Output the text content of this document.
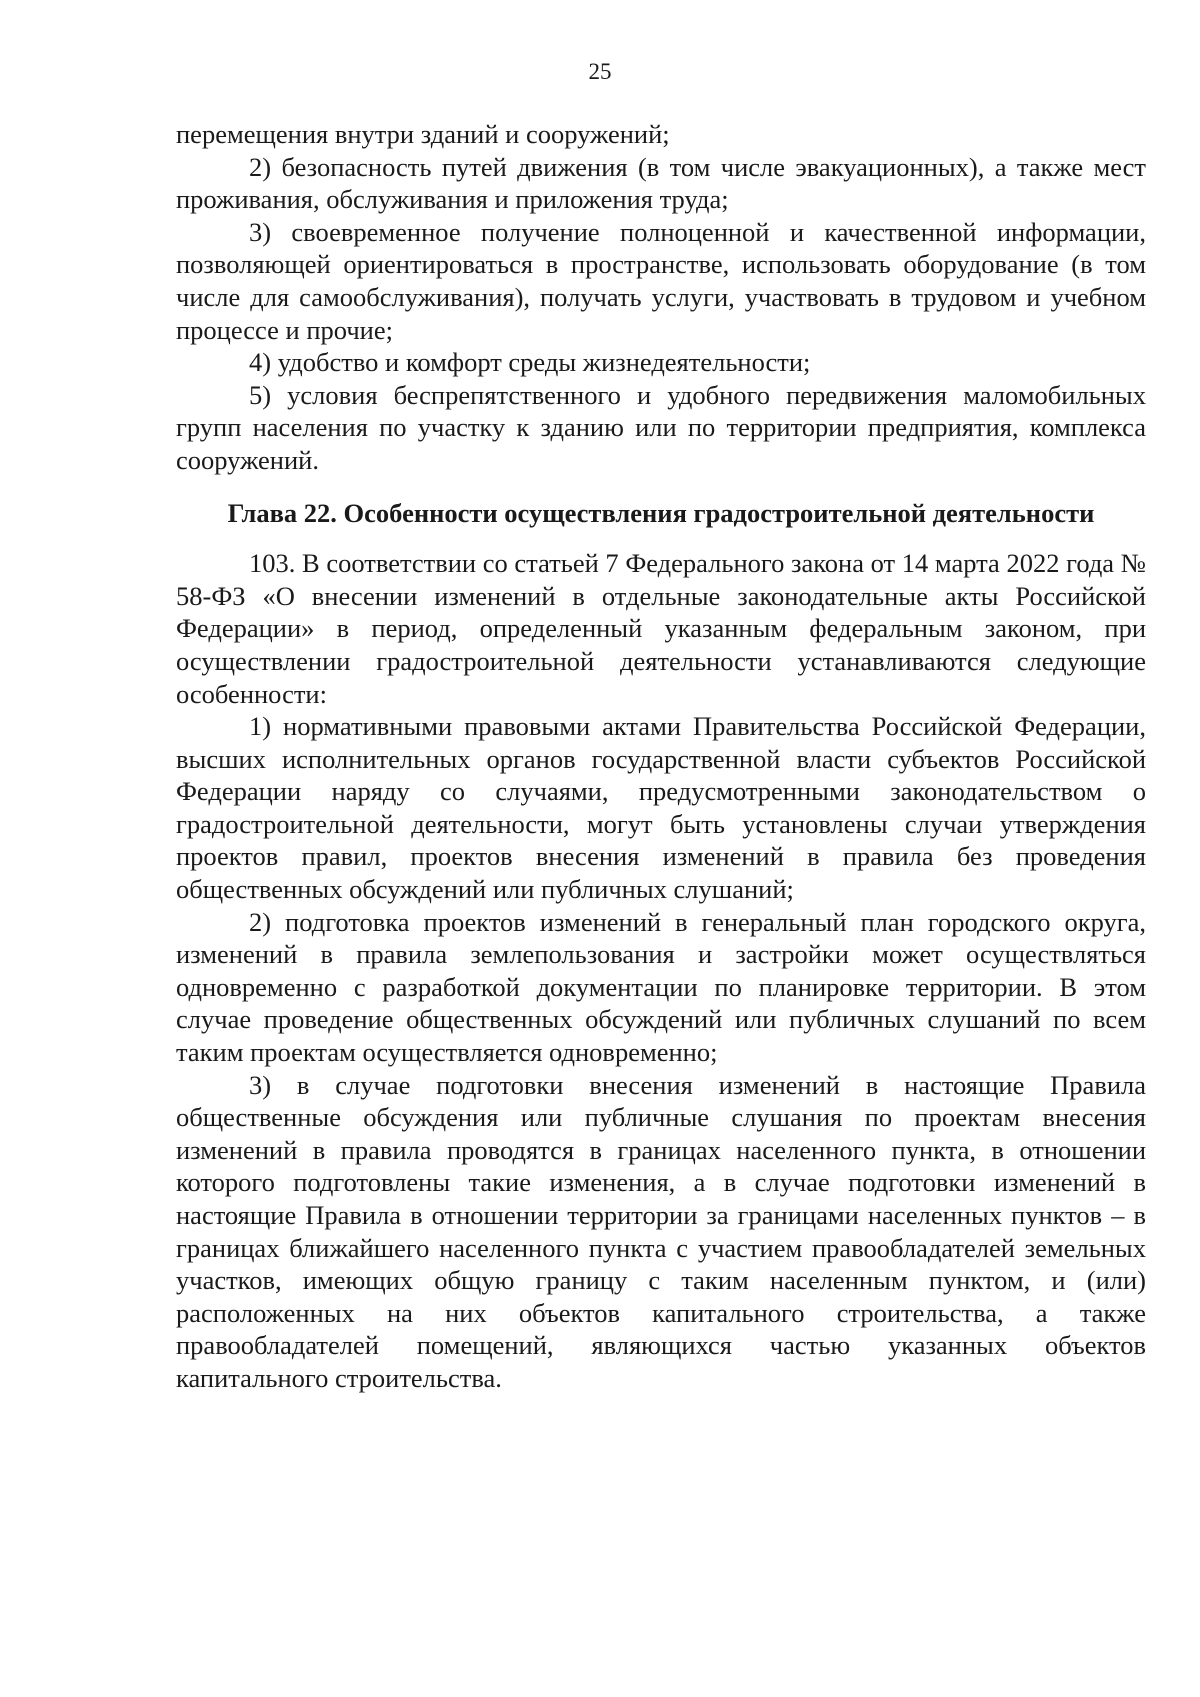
25

перемещения внутри зданий и сооружений;

2) безопасность путей движения (в том числе эвакуационных), а также мест проживания, обслуживания и приложения труда;

3) своевременное получение полноценной и качественной информации, позволяющей ориентироваться в пространстве, использовать оборудование (в том числе для самообслуживания), получать услуги, участвовать в трудовом и учебном процессе и прочие;

4) удобство и комфорт среды жизнедеятельности;

5) условия беспрепятственного и удобного передвижения маломобильных групп населения по участку к зданию или по территории предприятия, комплекса сооружений.

Глава 22. Особенности осуществления градостроительной деятельности

103. В соответствии со статьей 7 Федерального закона от 14 марта 2022 года № 58-ФЗ «О внесении изменений в отдельные законодательные акты Российской Федерации» в период, определенный указанным федеральным законом, при осуществлении градостроительной деятельности устанавливаются следующие особенности:

1) нормативными правовыми актами Правительства Российской Федерации, высших исполнительных органов государственной власти субъектов Российской Федерации наряду со случаями, предусмотренными законодательством о градостроительной деятельности, могут быть установлены случаи утверждения проектов правил, проектов внесения изменений в правила без проведения общественных обсуждений или публичных слушаний;

2) подготовка проектов изменений в генеральный план городского округа, изменений в правила землепользования и застройки может осуществляться одновременно с разработкой документации по планировке территории. В этом случае проведение общественных обсуждений или публичных слушаний по всем таким проектам осуществляется одновременно;

3) в случае подготовки внесения изменений в настоящие Правила общественные обсуждения или публичные слушания по проектам внесения изменений в правила проводятся в границах населенного пункта, в отношении которого подготовлены такие изменения, а в случае подготовки изменений в настоящие Правила в отношении территории за границами населенных пунктов – в границах ближайшего населенного пункта с участием правообладателей земельных участков, имеющих общую границу с таким населенным пунктом, и (или) расположенных на них объектов капитального строительства, а также правообладателей помещений, являющихся частью указанных объектов капитального строительства.
